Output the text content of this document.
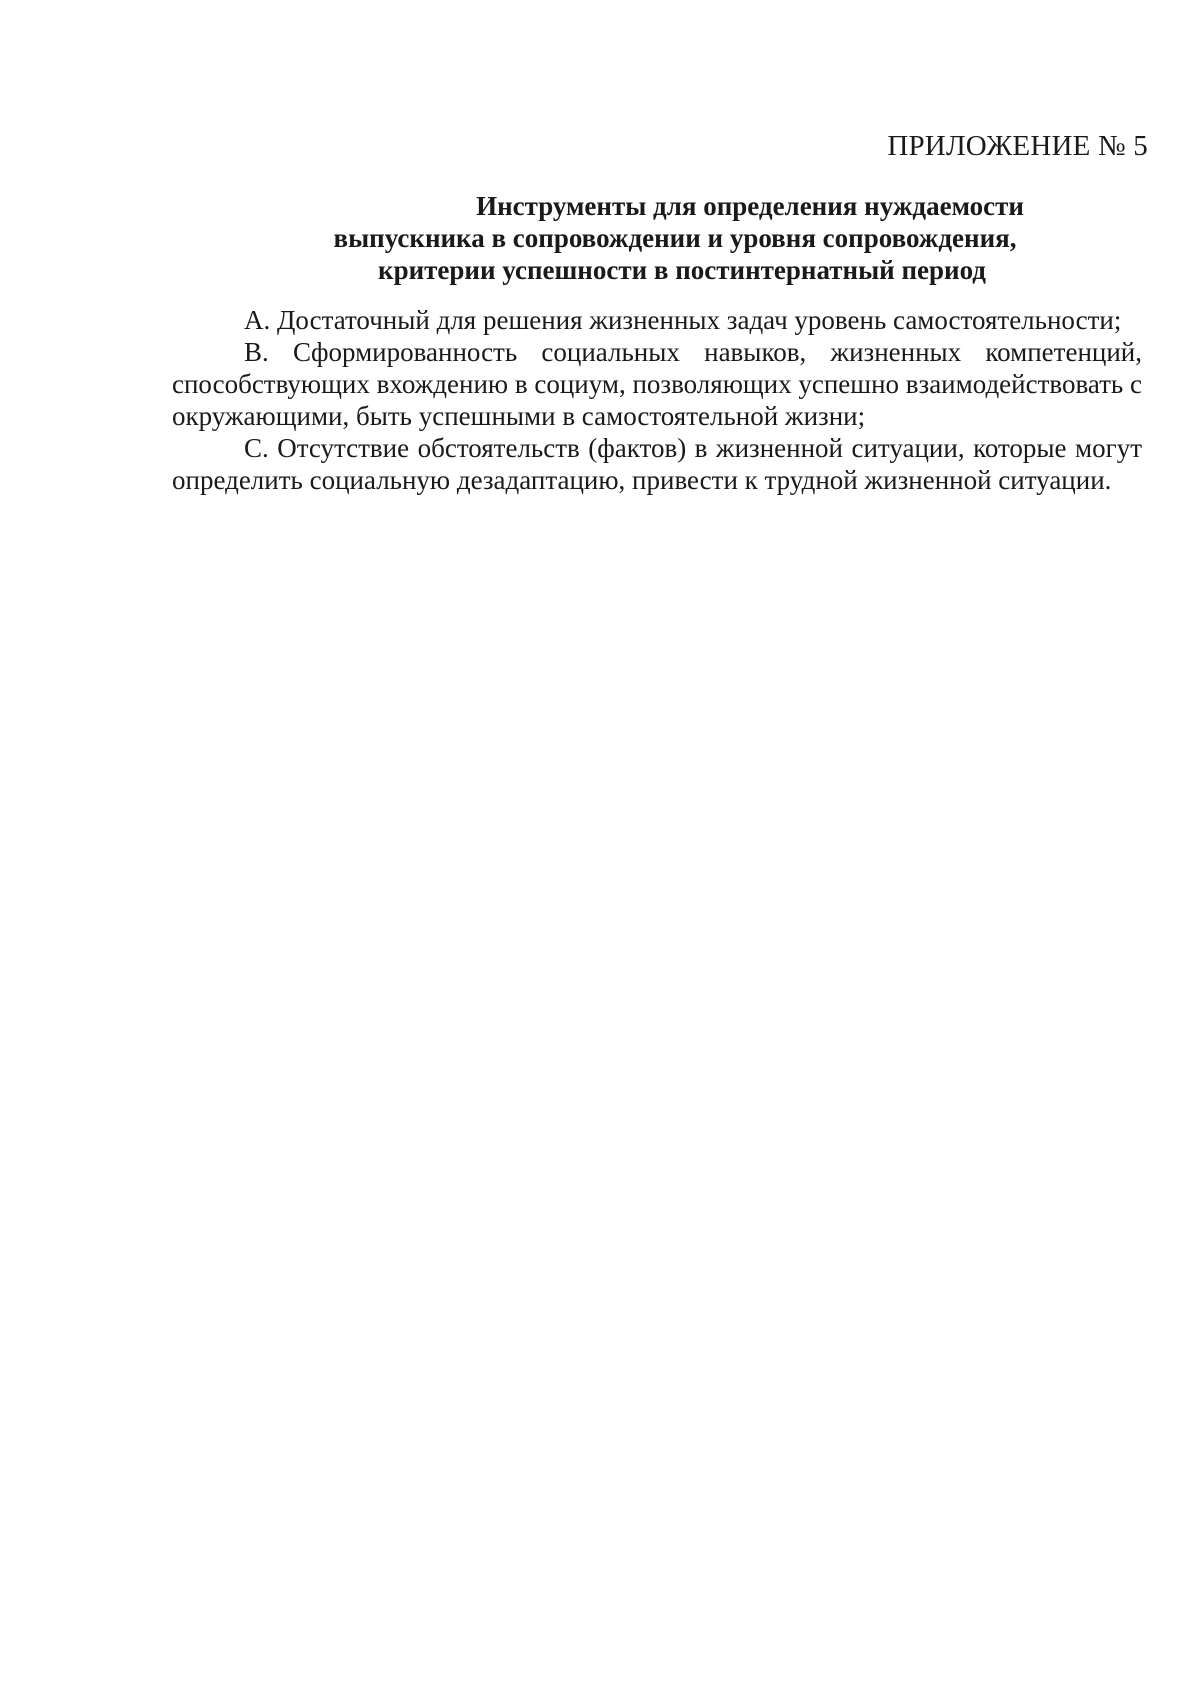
ПРИЛОЖЕНИЕ № 5
Инструменты для определения нуждаемости
выпускника в сопровождении и уровня сопровождения,
критерии успешности в постинтернатный период

А. Достаточный для решения жизненных задач уровень самостоятельности;

В. Сформированность социальных навыков, жизненных компетенций, способствующих вхождению в социум, позволяющих успешно взаимодействовать с окружающими, быть успешными в самостоятельной жизни;

С. Отсутствие обстоятельств (фактов) в жизненной ситуации, которые могут определить социальную дезадаптацию, привести к трудной жизненной ситуации.
